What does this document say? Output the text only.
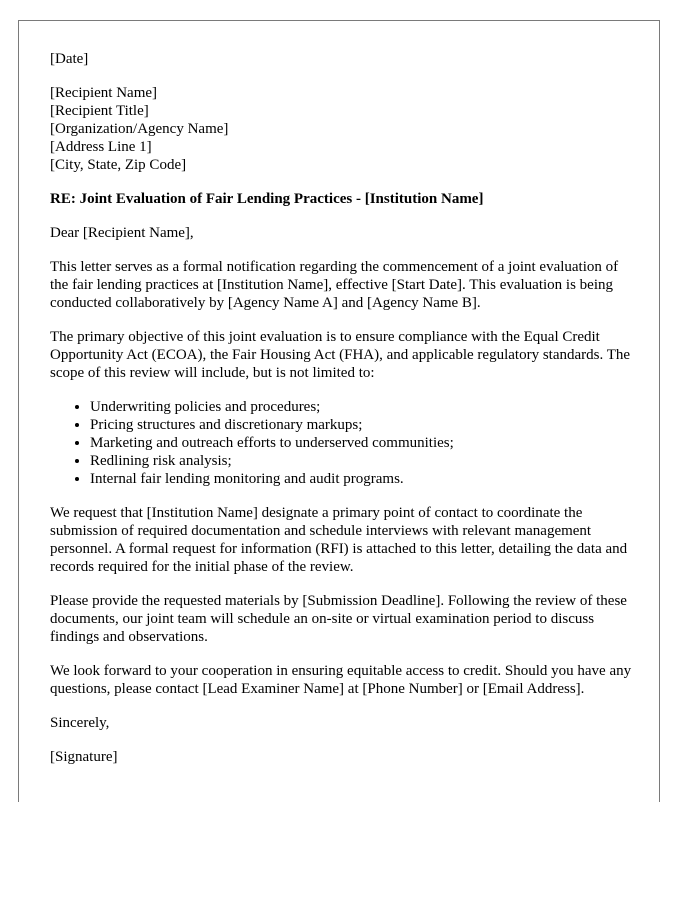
[Date]
[Recipient Name]
[Recipient Title]
[Organization/Agency Name]
[Address Line 1]
[City, State, Zip Code]

RE: Joint Evaluation of Fair Lending Practices - [Institution Name]

Dear [Recipient Name],

This letter serves as a formal notification regarding the commencement of a joint evaluation of the fair lending practices at [Institution Name], effective [Start Date]. This evaluation is being conducted collaboratively by [Agency Name A] and [Agency Name B].

The primary objective of this joint evaluation is to ensure compliance with the Equal Credit Opportunity Act (ECOA), the Fair Housing Act (FHA), and applicable regulatory standards. The scope of this review will include, but is not limited to:

• Underwriting policies and procedures;
• Pricing structures and discretionary markups;
• Marketing and outreach efforts to underserved communities;
• Redlining risk analysis;
• Internal fair lending monitoring and audit programs.

We request that [Institution Name] designate a primary point of contact to coordinate the submission of required documentation and schedule interviews with relevant management personnel. A formal request for information (RFI) is attached to this letter, detailing the data and records required for the initial phase of the review.

Please provide the requested materials by [Submission Deadline]. Following the review of these documents, our joint team will schedule an on-site or virtual examination period to discuss findings and observations.

We look forward to your cooperation in ensuring equitable access to credit. Should you have any questions, please contact [Lead Examiner Name] at [Phone Number] or [Email Address].

Sincerely,

[Signature]
